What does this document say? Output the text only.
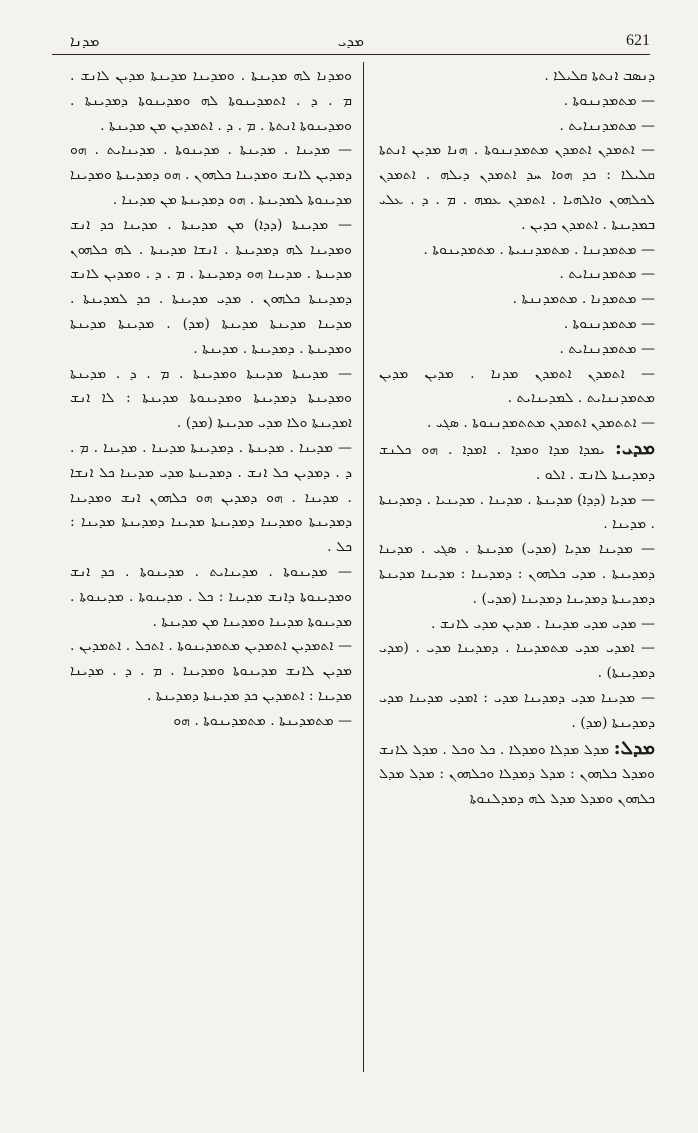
ܡܕܢܐ	ܡܕܝ	621

ܕܢܣܒ ܐܢܬܬܐ ܩܠܝܠܐ .

— ܡܬܡܕܢܢܘܬܐ .

— ܡܬܡܕܢܢܐܝܬ .

— ܐܬܡܕܢ ܐܬܡܕܢ ܡܬܡܕܢܢܘܬܐ . ܗܢܐ ܡܕܝܢ ܐܢܬܬܐ ܩܠܝܠܐ : ܟܕ ܗܘܐ ܚܕ ܐܬܡܕܢ ܕܝܠܗ . ܐܬܡܕܢ ܠܟܠܗܘܢ ܘܐܠܗܝܐ . ܐܬܡܕܢ ܥܡܗ . ܡ . ܕ . ܥܠܝ ܒܡܕܝܢܬܐ . ܐܬܡܕܢ ܟܕܝܢ .

— ܡܬܡܕܢܢܐ . ܡܬܡܕܢܢܝܬܐ . ܡܬܡܕܝܢܘܬܐ .

— ܡܬܡܕܢܢܐܝܬ .

— ܡܬܡܕܢܐ . ܡܬܡܕܢܢܬܐ .

— ܡܬܡܕܢܢܘܬܐ .

— ܡܬܡܕܢܢܐܝܬ .

— ܐܬܡܕܢ ܐܬܡܕܢ ܡܕܢܐ . ܡܕܝܢ ܡܕܝܢ ܡܬܡܕܢܢܐܝܬ . ܠܡܕܝܢܐܝܬ .

— ܐܬܬܡܕܢ ܐܬܡܕܢ ܡܬܬܡܕܢܢܘܬܐ . ܣܓܝ .

ܡܕܝ: ܝܡܕܐ ܡܕܐ ܘܡܕܐ . ܐܡܕܐ . ܗܘ ܟܠܢܫ ܕܡܕܝܢܬܐ ܠܐܢܫ . ܐܠܘ .

— ܡܕܝܐ (ܕܕܐ) ܡܕܝܢܬܐ . ܡܕܝܢܐ . ܡܕܝܢܝܐ . ܕܡܕܝܢܬܐ . ܡܕܝܢܐ .

— ܡܕܝܢܐ ܡܕܝܐ (ܡܕܝ) ܡܕܝܢܬܐ . ܣܓܝ . ܡܕܝܢܐ ܕܡܕܝܢܬܐ . ܡܕܝ ܟܠܗܘܢ : ܕܡܕܝܢܐ : ܡܕܝܢܐ ܡܕܝܢܬܐ ܕܡܕܝܢܬܐ ܕܡܕܝܢܐ ܕܡܕܝܢܐ (ܡܕܝ) .

— ܡܕܝ ܡܕܝ ܡܕܝܢܐ . ܡܕܝܢ ܡܕܝ ܠܐܢܫ .

— ܐܡܕܝ ܡܕܝ ܡܬܡܕܝܢܐ . ܕܡܕܝܢܐ ܡܕܝ . (ܡܕܝ ܕܡܕܝܢܬܐ) .

— ܡܕܝܢܐ ܡܕܝ ܕܡܕܝܢܐ ܡܕܝ : ܐܡܕܝ ܡܕܝܢܐ ܡܕܝ ܕܡܕܝܢܬܐ (ܡܕ) .

ܡܕܠ: ܡܕܠ ܡܕܠܐ ܘܡܕܠܐ . ܟܠ ܘܟܠ . ܡܕܠ ܠܐܢܫ ܘܡܕܠ ܟܠܗܘܢ : ܡܕܠ ܕܡܕܠܐ ܘܟܠܗܘܢ : ܡܕܠ ܡܕܠ ܟܠܗܘܢ ܘܡܕܠ ܡܕܠ ܠܗ ܕܡܕܠܢܘܬܐ

ܘܡܕܢܐ ܠܗ ܡܕܝܢܬܐ . ܘܡܕܝܢܐ ܡܕܝܢܬܐ ܡܕܝܢ ܠܐܢܫ . ܡ . ܕ . ܐܬܡܕܝܢܘܬܐ ܠܗ ܘܡܕܝܢܘܬܐ ܕܡܕܝܢܬܐ . ܘܡܕܝܢܘܬܐ ܐܢܬܬܐ . ܡ . ܕ . ܐܬܡܕܝܢ ܡܢ ܡܕܝܢܬܐ .

— ܡܕܝܢܐ . ܡܕܝܢܬܐ . ܡܕܝܢܘܬܐ . ܡܕܝܢܐܝܬ . ܗܘ ܕܡܕܝܢ ܠܐܢܫ ܘܡܕܝܢܐ ܟܠܗܘܢ . ܗܘ ܕܡܕܝܢܬܐ ܘܡܕܝܢܐ ܡܕܝܢܘܬܐ ܠܡܕܝܢܬܐ . ܗܘ ܕܡܕܝܢܬܐ ܡܢ ܡܕܝܢܐ .

— ܡܕܝܢܬܐ (ܕܕܐ) ܡܢ ܡܕܝܢܬܐ . ܡܕܝܢܐ ܟܕ ܐܢܫ ܘܡܕܝܢܐ ܠܗ ܕܡܕܝܢܬܐ . ܐܢܫܐ ܡܕܝܢܬܐ . ܠܗ ܟܠܗܘܢ ܡܕܝܢܬܐ . ܡܕܝܢܐ ܗܘ ܕܡܕܝܢܬܐ . ܡ . ܕ . ܘܡܕܝܢ ܠܐܢܫ ܕܡܕܝܢܬܐ ܟܠܗܘܢ . ܡܕܝ ܡܕܝܢܬܐ . ܟܕ ܠܡܕܝܢܬܐ . ܡܕܝܢܐ ܡܕܝܢܬܐ ܡܕܝܢܬܐ (ܡܕ) . ܡܕܝܢܬܐ ܡܕܝܢܬܐ ܘܡܕܝܢܬܐ . ܕܡܕܝܢܬܐ . ܡܕܝܢܬܐ .

— ܡܕܝܢܬܐ ܡܕܝܢܬܐ ܘܡܕܝܢܬܐ . ܡ . ܕ . ܡܕܝܢܬܐ ܘܡܕܝܢܬܐ ܕܡܕܝܢܬܐ ܘܡܕܝܢܘܬܐ ܡܕܝܢܬܐ : ܠܐ ܐܢܫ ܐܡܕܝܢܬܐ ܘܠܐ ܡܕܝ ܡܕܝܢܬܐ (ܡܕ) .

— ܡܕܝܢܐ . ܡܕܝܢܬܐ . ܕܡܕܝܢܬܐ ܡܕܝܢܐ . ܡܕܝܢܐ . ܡ . ܕ . ܕܡܕܝܢ ܟܠ ܐܢܫ . ܕܡܕܝܢܬܐ ܡܕܝ ܡܕܝܢܐ ܟܠ ܐܢܫܐ . ܡܕܝܢܐ . ܗܘ ܕܡܕܝܢ ܗܘ ܟܠܗܘܢ ܐܢܫ ܘܡܕܝܢܐ ܕܡܕܝܢܬܐ ܘܡܕܝܢܐ ܕܡܕܝܢܬܐ ܡܕܝܢܐ ܕܡܕܝܢܬܐ ܡܕܝܢܐ : ܟܠ .

— ܡܕܝܢܘܬܐ . ܡܕܝܢܐܝܬ . ܡܕܝܢܘܬܐ . ܟܕ ܐܢܫ ܘܡܕܝܢܘܬܐ ܕܐܢܫ ܡܕܝܢܐ : ܟܠ . ܡܕܝܢܘܬܐ . ܡܕܝܢܘܬܐ . ܡܕܝܢܘܬܐ ܡܕܝܢܐ ܘܡܕܝܢܐ ܡܢ ܡܕܝܢܬܐ .

— ܐܬܡܕܝܢ ܐܬܡܕܝܢ ܡܬܡܕܝܢܘܬܐ . ܐܬܟܠ . ܐܬܡܕܝܢ . ܡܕܝܢ ܠܐܢܫ ܡܕܝܢܘܬܐ ܘܡܕܝܢܐ . ܡ . ܕ . ܡܕܝܢܐ ܡܕܝܢܐ : ܐܬܡܕܝܢ ܟܕ ܡܕܝܢܬܐ ܕܡܕܝܢܬܐ .

— ܡܬܡܕܝܢܬܐ . ܡܬܡܕܝܢܘܬܐ . ܗܘ
